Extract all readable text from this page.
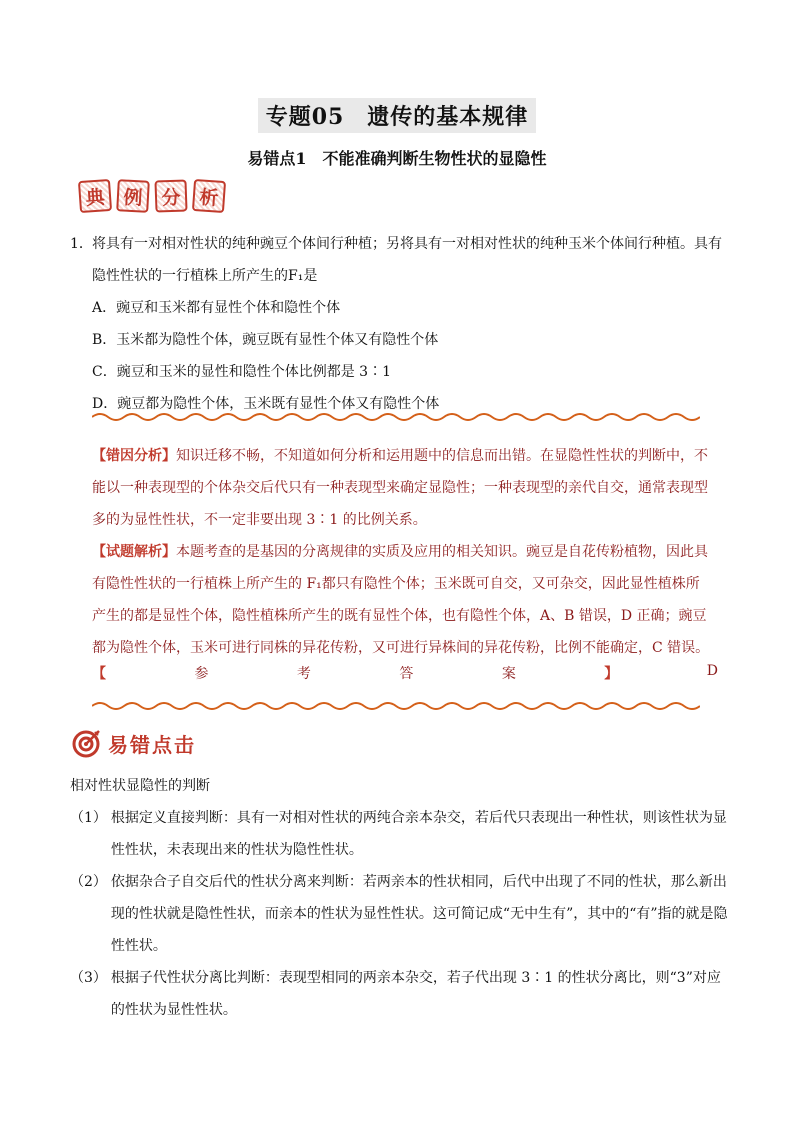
专题05　遗传的基本规律
易错点1　不能准确判断生物性状的显隐性
典 例 分 析
1．将具有一对相对性状的纯种豌豆个体间行种植；另将具有一对相对性状的纯种玉米个体间行种植。具有
隐性性状的一行植株上所产生的F₁是
A．豌豆和玉米都有显性个体和隐性个体
B．玉米都为隐性个体，豌豆既有显性个体又有隐性个体
C．豌豆和玉米的显性和隐性个体比例都是 3∶1
D．豌豆都为隐性个体，玉米既有显性个体又有隐性个体

【错因分析】知识迁移不畅，不知道如何分析和运用题中的信息而出错。在显隐性性状的判断中，不能以一种表现型的个体杂交后代只有一种表现型来确定显隐性；一种表现型的亲代自交，通常表现型多的为显性性状，不一定非要出现 3∶1 的比例关系。

【试题解析】本题考查的是基因的分离规律的实质及应用的相关知识。豌豆是自花传粉植物，因此具有隐性性状的一行植株上所产生的 F₁都只有隐性个体；玉米既可自交，又可杂交，因此显性植株所产生的都是显性个体，隐性植株所产生的既有显性个体，也有隐性个体，A、B 错误，D 正确；豌豆都为隐性个体，玉米可进行同株的异花传粉，又可进行异株间的异花传粉，比例不能确定，C 错误。

【	参	考	答	案	】	D
易错点击

相对性状显隐性的判断

（1） 根据定义直接判断：具有一对相对性状的两纯合亲本杂交，若后代只表现出一种性状，则该性状为显性性状，未表现出来的性状为隐性性状。
（2） 依据杂合子自交后代的性状分离来判断：若两亲本的性状相同，后代中出现了不同的性状，那么新出现的性状就是隐性性状，而亲本的性状为显性性状。这可简记成“无中生有”，其中的“有”指的就是隐性性状。
（3） 根据子代性状分离比判断：表现型相同的两亲本杂交，若子代出现 3∶1 的性状分离比，则“3”对应的性状为显性性状。
